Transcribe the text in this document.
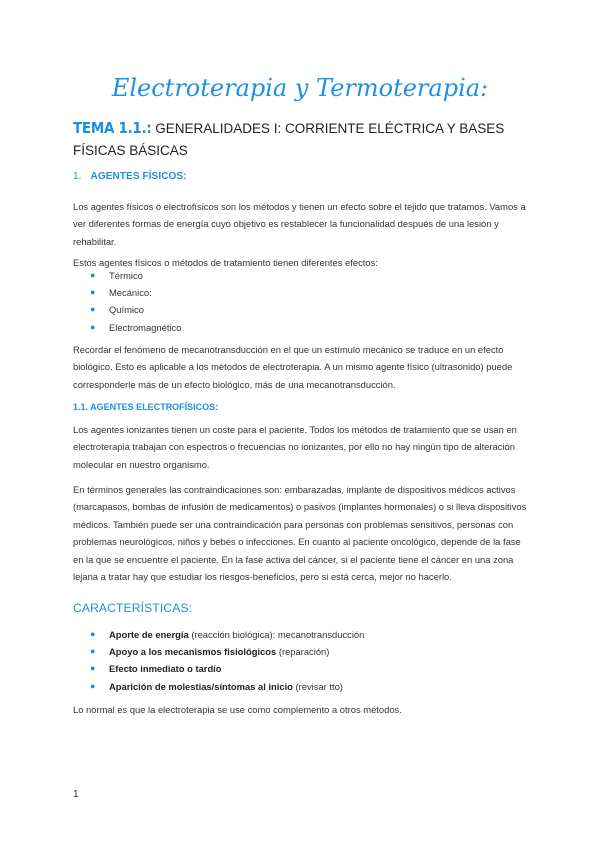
Electroterapia y Termoterapia:
TEMA 1.1.: GENERALIDADES I: CORRIENTE ELÉCTRICA Y BASES FÍSICAS BÁSICAS
1. AGENTES FÍSICOS:

Los agentes físicos o electrofísicos son los métodos y tienen un efecto sobre el tejido que tratamos. Vamos a ver diferentes formas de energía cuyo objetivo es restablecer la funcionalidad después de una lesión y rehabilitar.

Estos agentes físicos o métodos de tratamiento tienen diferentes efectos:

● Térmico
● Mecánico:
● Químico
● Electromagnético

Recordar el fenómeno de mecanotransducción en el que un estímulo mecánico se traduce en un efecto biológico. Esto es aplicable a los métodos de electroterapia. A un mismo agente físico (ultrasonido) puede corresponderle más de un efecto biológico, más de una mecanotransducción.

1.1. AGENTES ELECTROFÍSICOS:

Los agentes ionizantes tienen un coste para el paciente. Todos los métodos de tratamiento que se usan en electroterapia trabajan con espectros o frecuencias no ionizantes, por ello no hay ningún tipo de alteración molecular en nuestro organismo.

En términos generales las contraindicaciones son: embarazadas, implante de dispositivos médicos activos (marcapasos, bombas de infusión de medicamentos) o pasivos (implantes hormonales) o si lleva dispositivos médicos. También puede ser una contraindicación para personas con problemas sensitivos, personas con problemas neurológicos, niños y bebés o infecciones. En cuanto al paciente oncológico, depende de la fase en la que se encuentre el paciente. En la fase activa del cáncer, si el paciente tiene el cáncer en una zona lejana a tratar hay que estudiar los riesgos-beneficios, pero si está cerca, mejor no hacerlo.

CARACTERÍSTICAS:
● Aporte de energía (reacción biológica): mecanotransducción
● Apoyo a los mecanismos fisiológicos (reparación)
● Efecto inmediato o tardío
● Aparición de molestias/síntomas al inicio (revisar tto)

Lo normal es que la electroterapia se use como complemento a otros métodos.

1
